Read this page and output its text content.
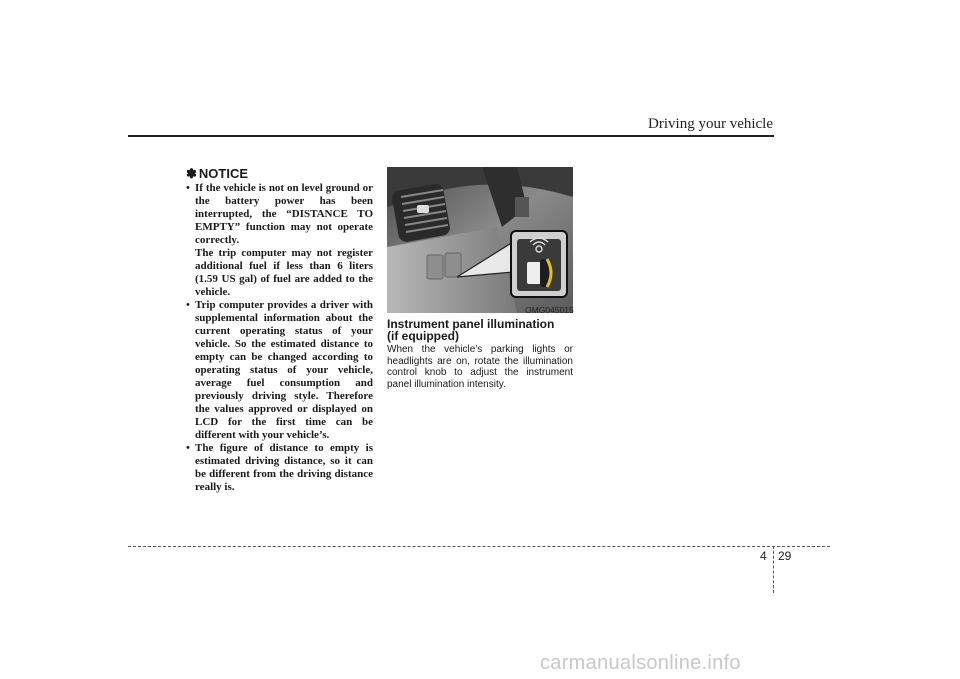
Driving your vehicle
✽ NOTICE
• If the vehicle is not on level ground or the battery power has been interrupted, the “DISTANCE TO EMPTY” function may not operate correctly.
The trip computer may not register additional fuel if less than 6 liters (1.59 US gal) of fuel are added to the vehicle.
• Trip computer provides a driver with supplemental information about the current operating status of your vehicle. So the estimated distance to empty can be changed according to operating status of your vehicle, average fuel consumption and previously driving style. Therefore the values approved or displayed on LCD for the first time can be different with your vehicle’s.
• The figure of distance to empty is estimated driving distance, so it can be different from the driving distance really is.
OMG045015
Instrument panel illumination
(if equipped)
When the vehicle’s parking lights or headlights are on, rotate the illumination control knob to adjust the instrument panel illumination intensity.
4 29
carmanualsonline.info
